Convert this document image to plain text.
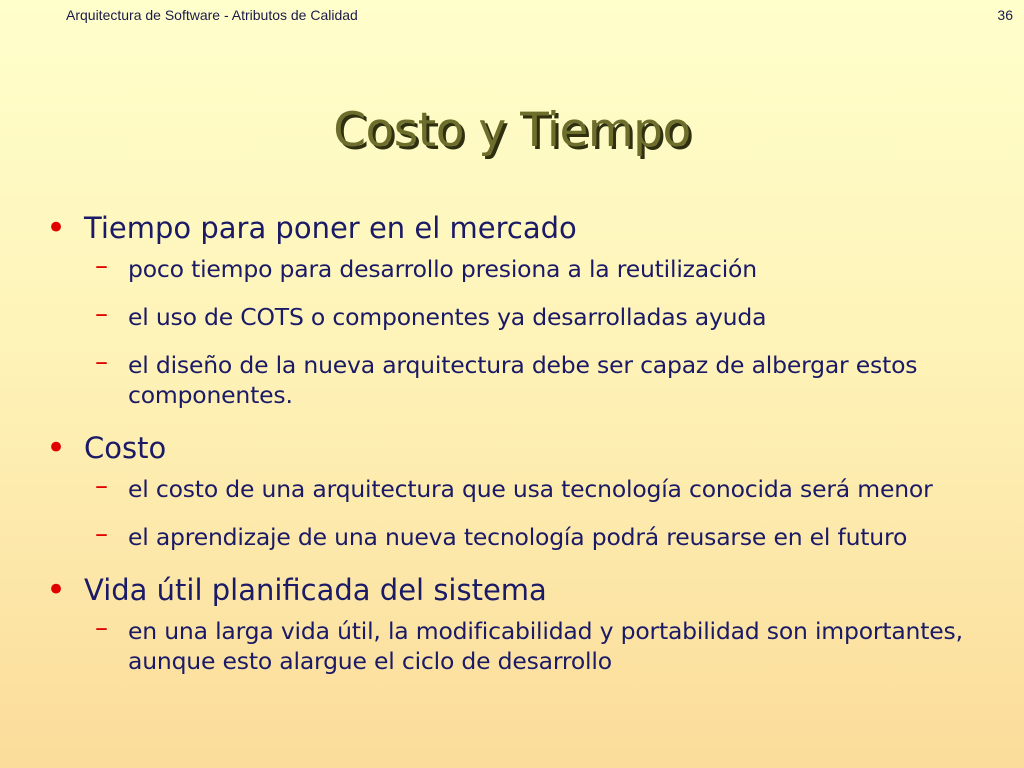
Arquitectura de Software - Atributos de Calidad	36
Costo y Tiempo
• Tiempo para poner en el mercado
– poco tiempo para desarrollo presiona a la reutilización
– el uso de COTS o componentes ya desarrolladas ayuda
– el diseño de la nueva arquitectura debe ser capaz de albergar estos componentes.
• Costo
– el costo de una arquitectura que usa tecnología conocida será menor
– el aprendizaje de una nueva tecnología podrá reusarse en el futuro
• Vida útil planificada del sistema
– en una larga vida útil, la modificabilidad y portabilidad son importantes, aunque esto alargue el ciclo de desarrollo
